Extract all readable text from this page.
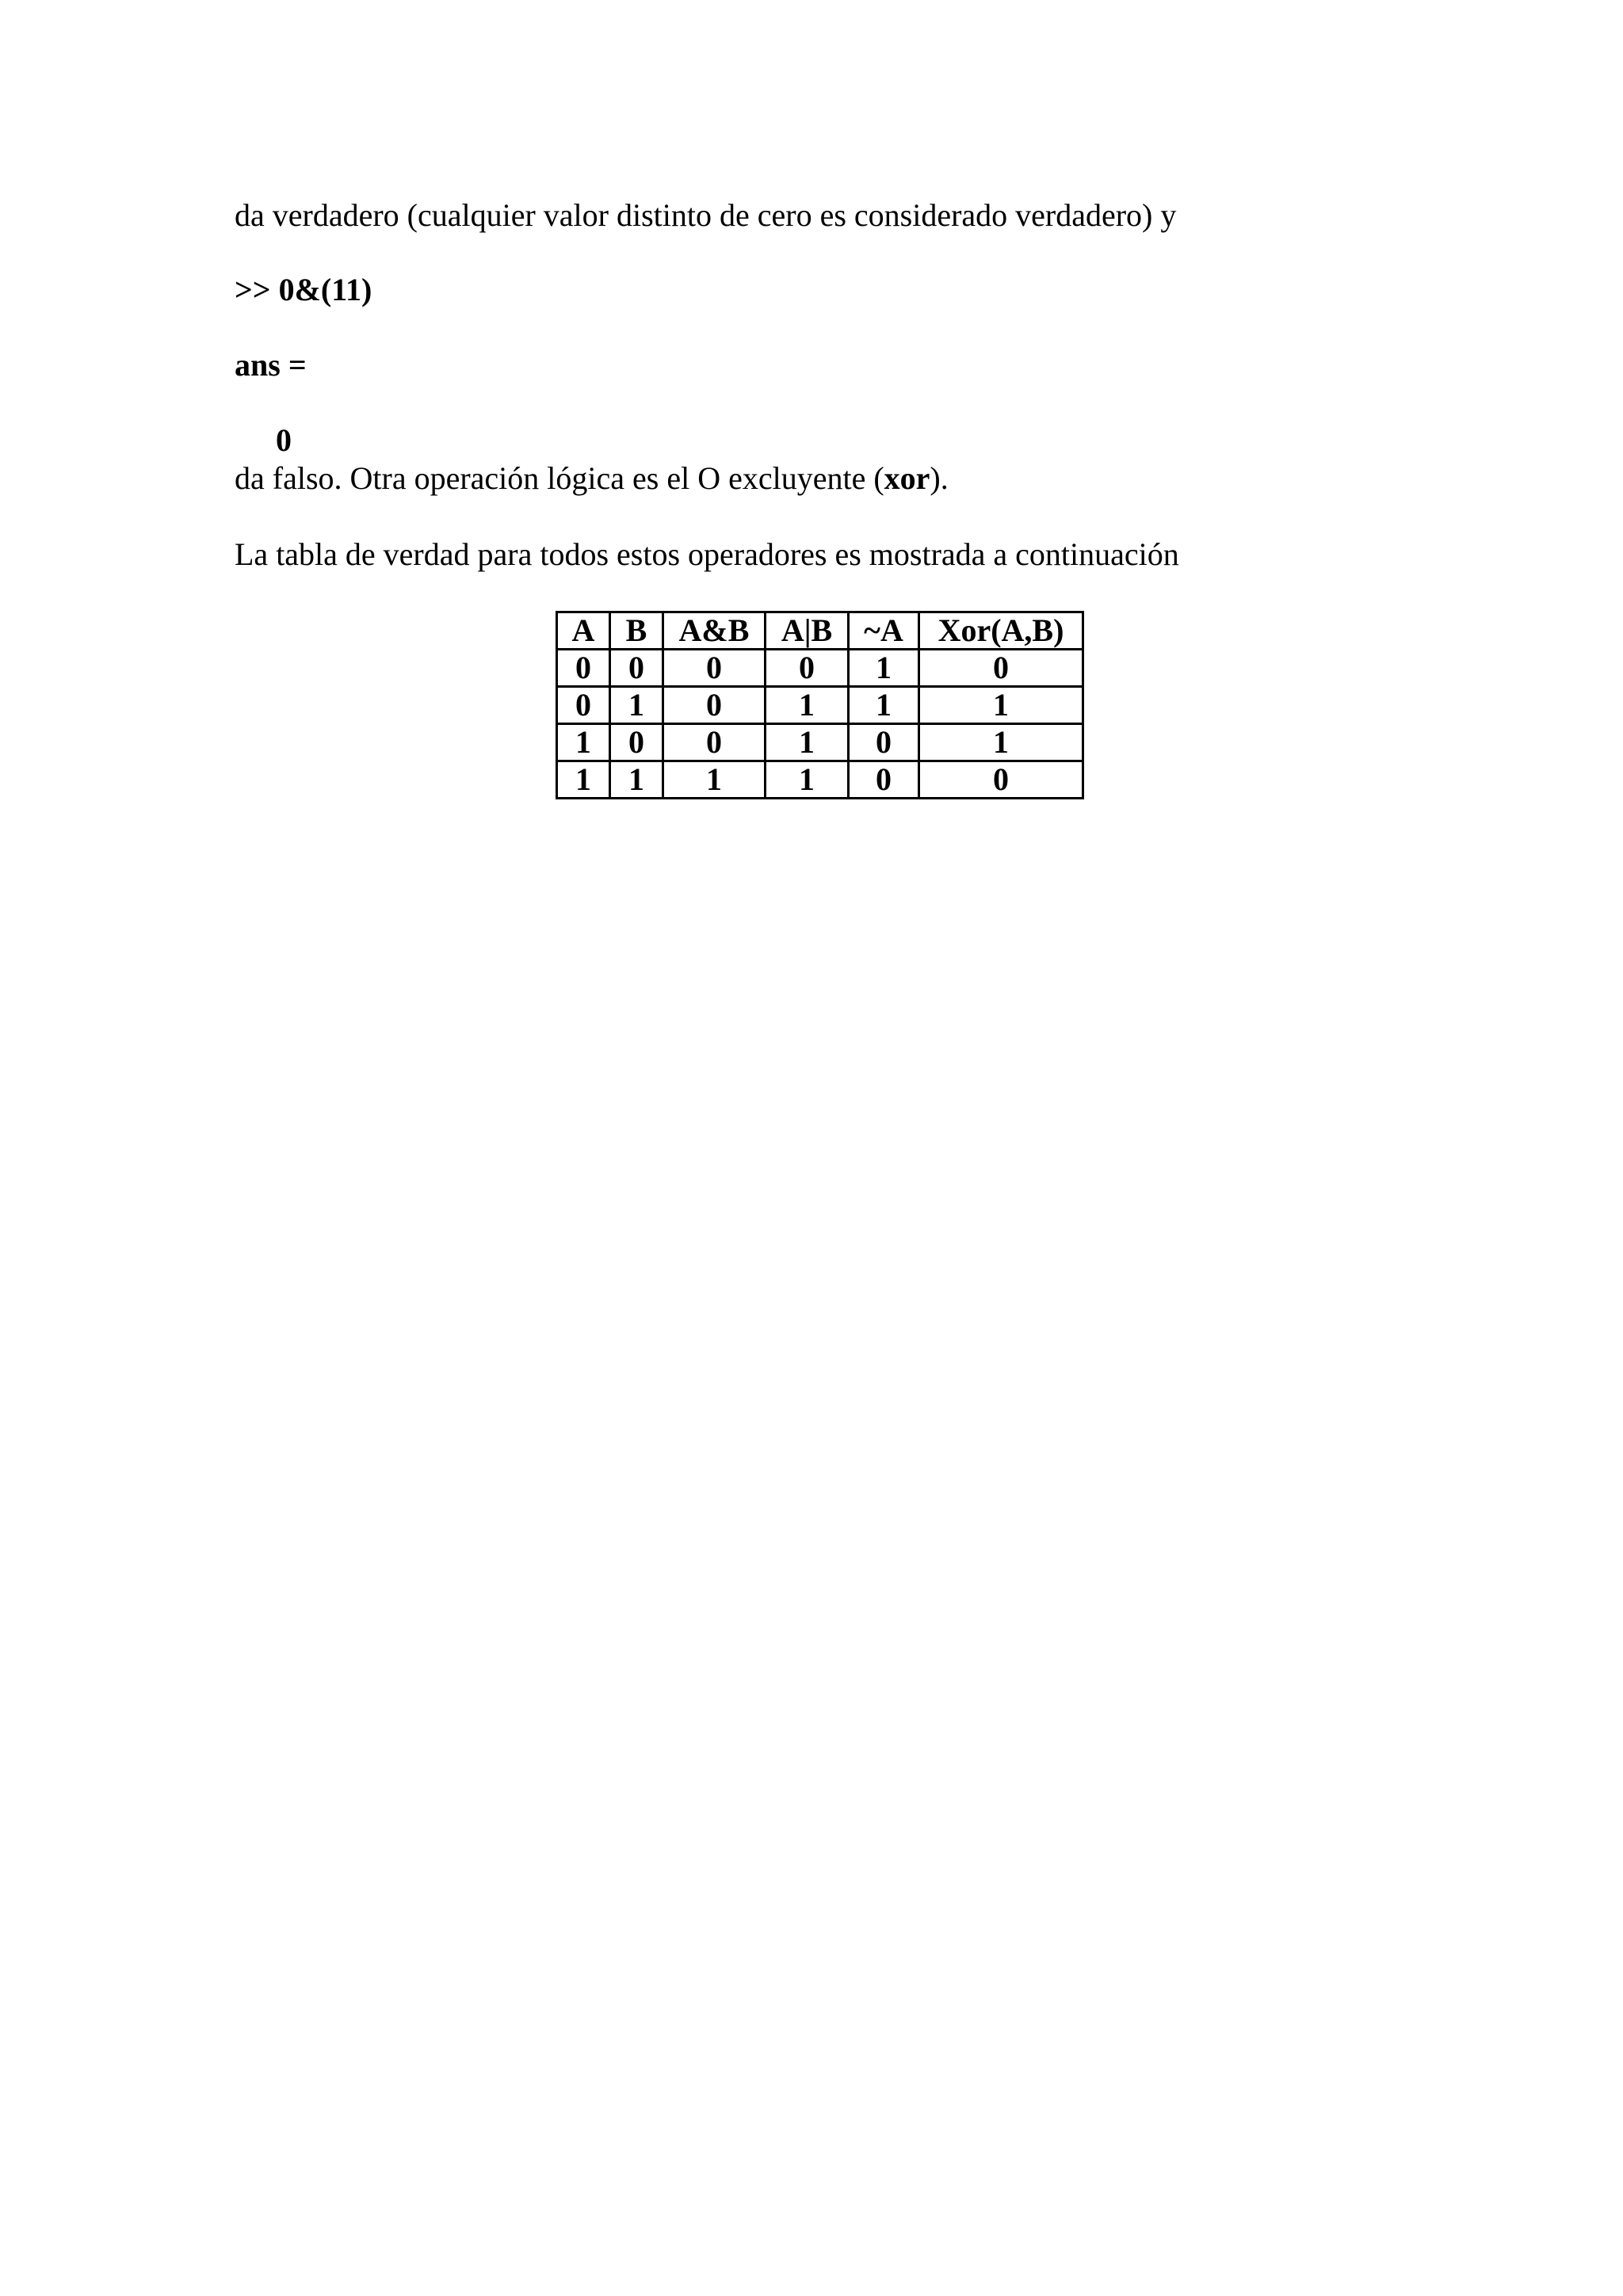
da verdadero (cualquier valor distinto de cero es considerado verdadero) y
>> 0&(11)
ans =
0
da falso. Otra operación lógica es el O excluyente (xor).
La tabla de verdad para todos estos operadores es mostrada a continuación
A	B	A&B	A|B	~A	Xor(A,B)
0	0	0	0	1	0
0	1	0	1	1	1
1	0	0	1	0	1
1	1	1	1	0	0
